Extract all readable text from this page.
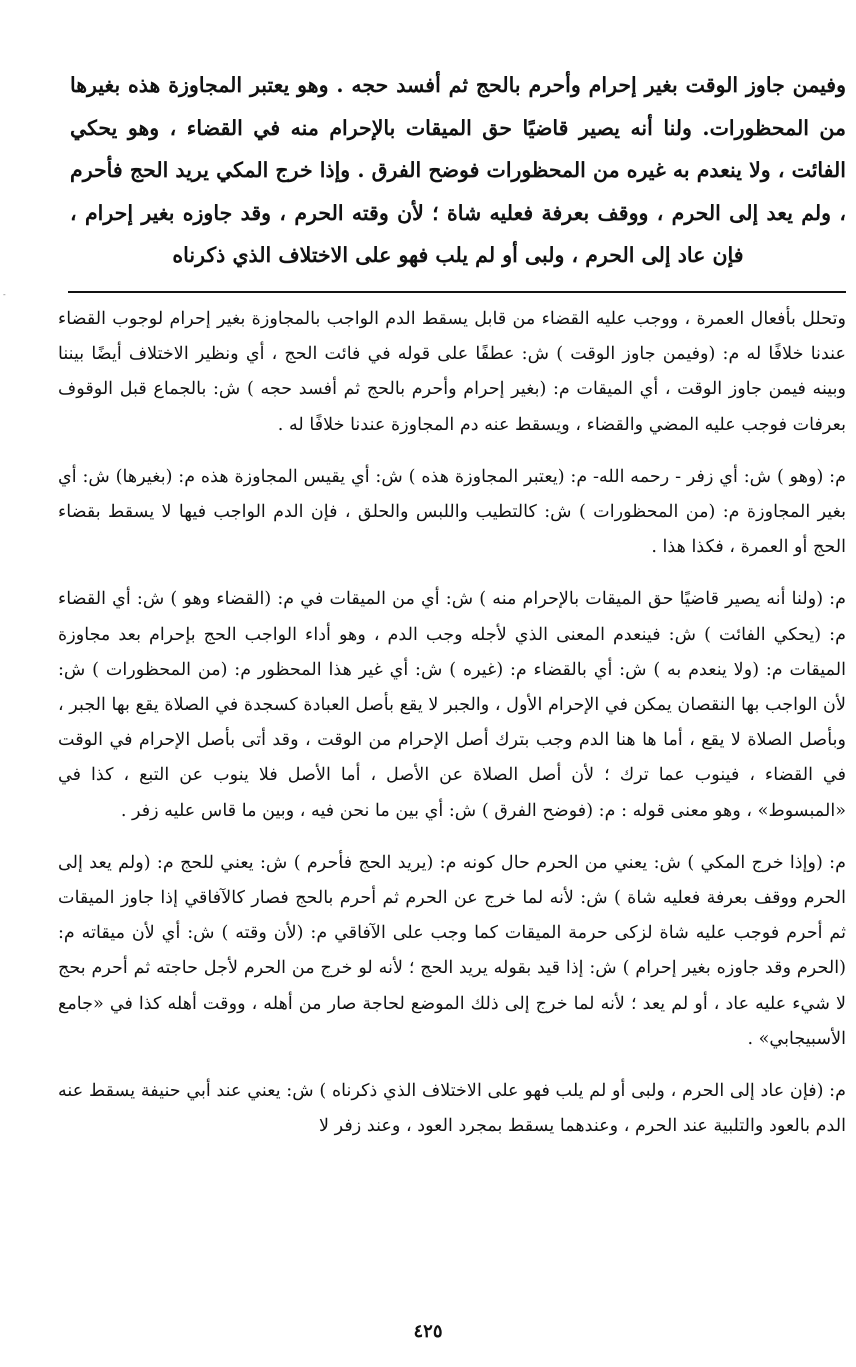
وفيمن جاوز الوقت بغير إحرام وأحرم بالحج ثم أفسد حجه . وهو يعتبر المجاوزة هذه بغيرها من المحظورات. ولنا أنه يصير قاضيًا حق الميقات بالإحرام منه في القضاء ، وهو يحكي الفائت ، ولا ينعدم به غيره من المحظورات فوضح الفرق . وإذا خرج المكي يريد الحج فأحرم ، ولم يعد إلى الحرم ، ووقف بعرفة فعليه شاة ؛ لأن وقته الحرم ، وقد جاوزه بغير إحرام ، فإن عاد إلى الحرم ، ولبى أو لم يلب فهو على الاختلاف الذي ذكرناه

وتحلل بأفعال العمرة ، ووجب عليه القضاء من قابل يسقط الدم الواجب بالمجاوزة بغير إحرام لوجوب القضاء عندنا خلافًا له م: (وفيمن جاوز الوقت ) ش: عطفًا على قوله في فائت الحج ، أي ونظير الاختلاف أيضًا بيننا وبينه فيمن جاوز الوقت ، أي الميقات م: (بغير إحرام وأحرم بالحج ثم أفسد حجه ) ش: بالجماع قبل الوقوف بعرفات فوجب عليه المضي والقضاء ، ويسقط عنه دم المجاوزة عندنا خلافًا له .

م: (وهو ) ش: أي زفر - رحمه الله- م: (يعتبر المجاوزة هذه ) ش: أي يقيس المجاوزة هذه م: (بغيرها) ش: أي بغير المجاوزة م: (من المحظورات ) ش: كالتطيب واللبس والحلق ، فإن الدم الواجب فيها لا يسقط بقضاء الحج أو العمرة ، فكذا هذا .

م: (ولنا أنه يصير قاضيًا حق الميقات بالإحرام منه ) ش: أي من الميقات في م: (القضاء وهو ) ش: أي القضاء م: (يحكي الفائت ) ش: فينعدم المعنى الذي لأجله وجب الدم ، وهو أداء الواجب الحج بإحرام بعد مجاوزة الميقات م: (ولا ينعدم به ) ش: أي بالقضاء م: (غيره ) ش: أي غير هذا المحظور م: (من المحظورات ) ش: لأن الواجب بها النقصان يمكن في الإحرام الأول ، والجبر لا يقع بأصل العبادة كسجدة في الصلاة يقع بها الجبر ، وبأصل الصلاة لا يقع ، أما ها هنا الدم وجب بترك أصل الإحرام من الوقت ، وقد أتى بأصل الإحرام في الوقت في القضاء ، فينوب عما ترك ؛ لأن أصل الصلاة عن الأصل ، أما الأصل فلا ينوب عن التبع ، كذا في «المبسوط» ، وهو معنى قوله : م: (فوضح الفرق ) ش: أي بين ما نحن فيه ، وبين ما قاس عليه زفر .

م: (وإذا خرج المكي ) ش: يعني من الحرم حال كونه م: (يريد الحج فأحرم ) ش: يعني للحج م: (ولم يعد إلى الحرم ووقف بعرفة فعليه شاة ) ش: لأنه لما خرج عن الحرم ثم أحرم بالحج فصار كالآفاقي إذا جاوز الميقات ثم أحرم فوجب عليه شاة لزكى حرمة الميقات كما وجب على الآفاقي م: (لأن وقته ) ش: أي لأن ميقاته م: (الحرم وقد جاوزه بغير إحرام ) ش: إذا قيد بقوله يريد الحج ؛ لأنه لو خرج من الحرم لأجل حاجته ثم أحرم بحج لا شيء عليه عاد ، أو لم يعد ؛ لأنه لما خرج إلى ذلك الموضع لحاجة صار من أهله ، ووقت أهله كذا في «جامع الأسبيجابي» .

م: (فإن عاد إلى الحرم ، ولبى أو لم يلب فهو على الاختلاف الذي ذكرناه ) ش: يعني عند أبي حنيفة يسقط عنه الدم بالعود والتلبية عند الحرم ، وعندهما يسقط بمجرد العود ، وعند زفر لا

٤٢٥
-
